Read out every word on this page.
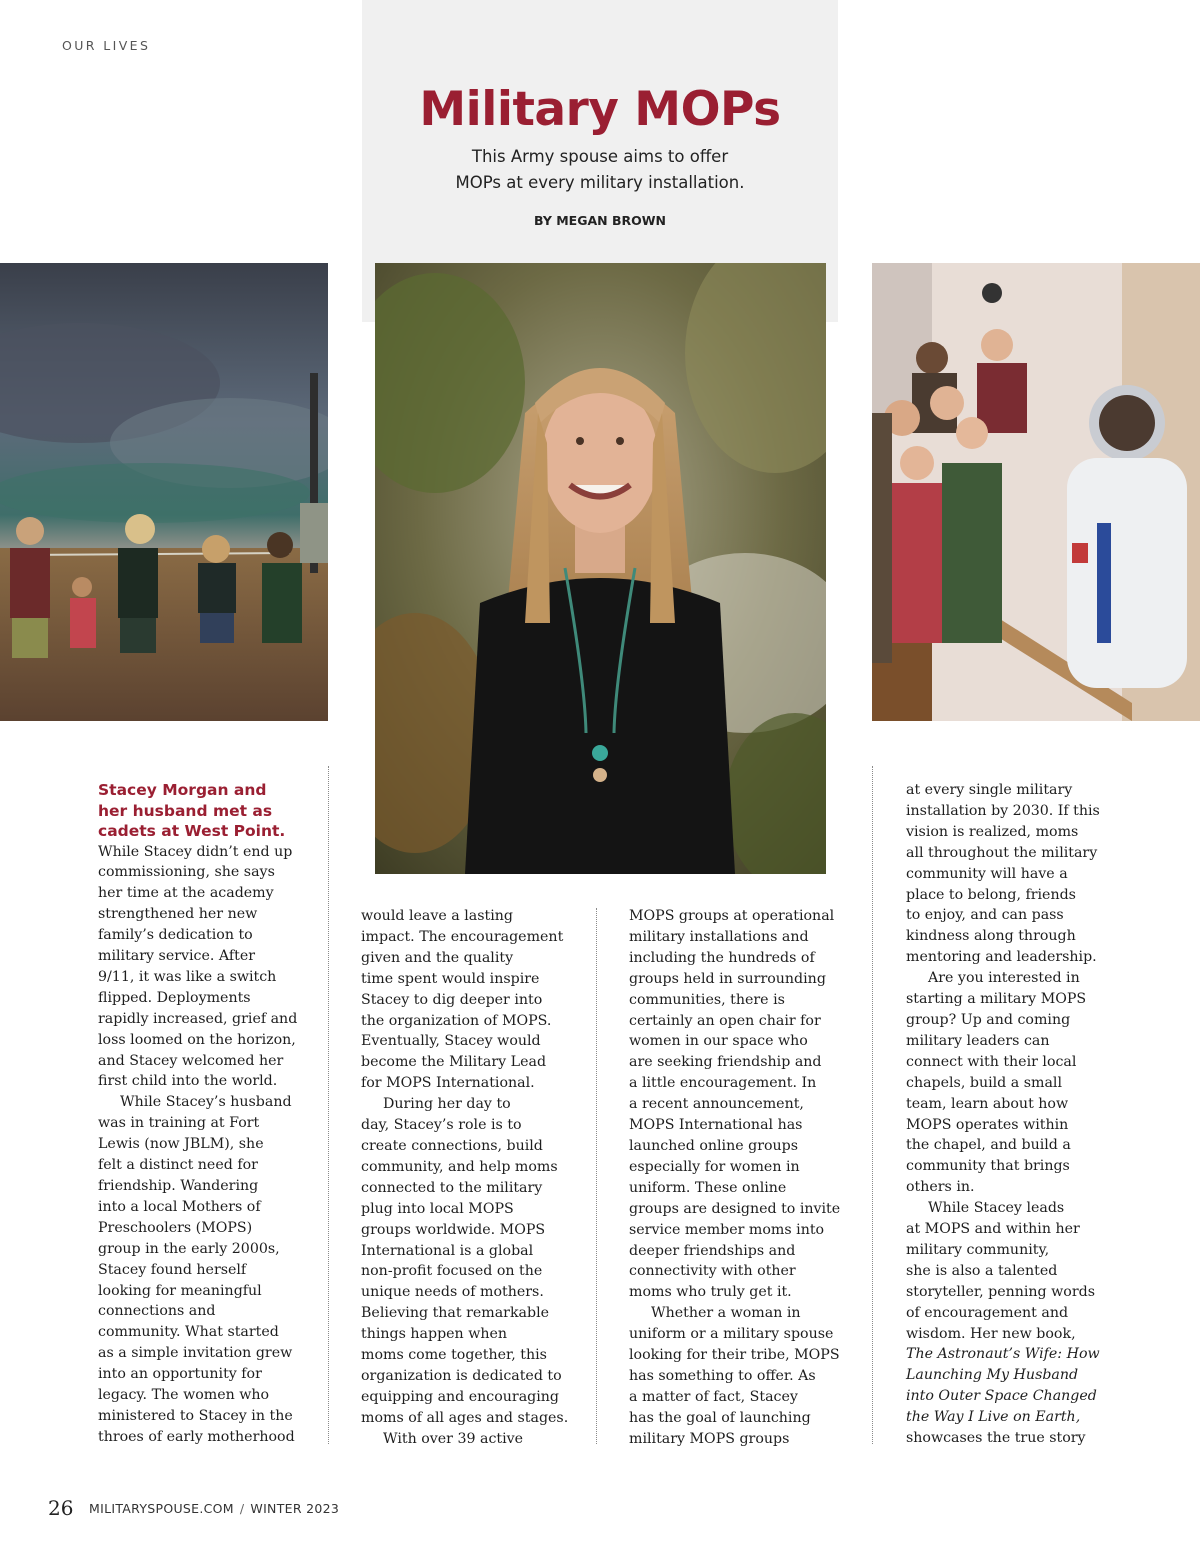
OUR LIVES
Military MOPs
This Army spouse aims to offer
MOPs at every military installation.
BY MEGAN BROWN
Stacey Morgan and
her husband met as
cadets at West Point.

While Stacey didn’t end up
commissioning, she says
her time at the academy
strengthened her new
family’s dedication to
military service. After
9/11, it was like a switch
flipped. Deployments
rapidly increased, grief and
loss loomed on the horizon,
and Stacey welcomed her
first child into the world.

While Stacey’s husband
was in training at Fort
Lewis (now JBLM), she
felt a distinct need for
friendship. Wandering
into a local Mothers of
Preschoolers (MOPS)
group in the early 2000s,
Stacey found herself
looking for meaningful
connections and
community. What started
as a simple invitation grew
into an opportunity for
legacy. The women who
ministered to Stacey in the
throes of early motherhood

would leave a lasting
impact. The encouragement
given and the quality
time spent would inspire
Stacey to dig deeper into
the organization of MOPS.
Eventually, Stacey would
become the Military Lead
for MOPS International.

During her day to
day, Stacey’s role is to
create connections, build
community, and help moms
connected to the military
plug into local MOPS
groups worldwide. MOPS
International is a global
non-profit focused on the
unique needs of mothers.
Believing that remarkable
things happen when
moms come together, this
organization is dedicated to
equipping and encouraging
moms of all ages and stages.

With over 39 active

MOPS groups at operational
military installations and
including the hundreds of
groups held in surrounding
communities, there is
certainly an open chair for
women in our space who
are seeking friendship and
a little encouragement. In
a recent announcement,
MOPS International has
launched online groups
especially for women in
uniform. These online
groups are designed to invite
service member moms into
deeper friendships and
connectivity with other
moms who truly get it.

Whether a woman in
uniform or a military spouse
looking for their tribe, MOPS
has something to offer. As
a matter of fact, Stacey
has the goal of launching
military MOPS groups

at every single military
installation by 2030. If this
vision is realized, moms
all throughout the military
community will have a
place to belong, friends
to enjoy, and can pass
kindness along through
mentoring and leadership.

Are you interested in
starting a military MOPS
group? Up and coming
military leaders can
connect with their local
chapels, build a small
team, learn about how
MOPS operates within
the chapel, and build a
community that brings
others in.

While Stacey leads
at MOPS and within her
military community,
she is also a talented
storyteller, penning words
of encouragement and
wisdom. Her new book,
The Astronaut’s Wife: How
Launching My Husband
into Outer Space Changed
the Way I Live on Earth,
showcases the true story

26 MILITARYSPOUSE.COM / WINTER 2023
